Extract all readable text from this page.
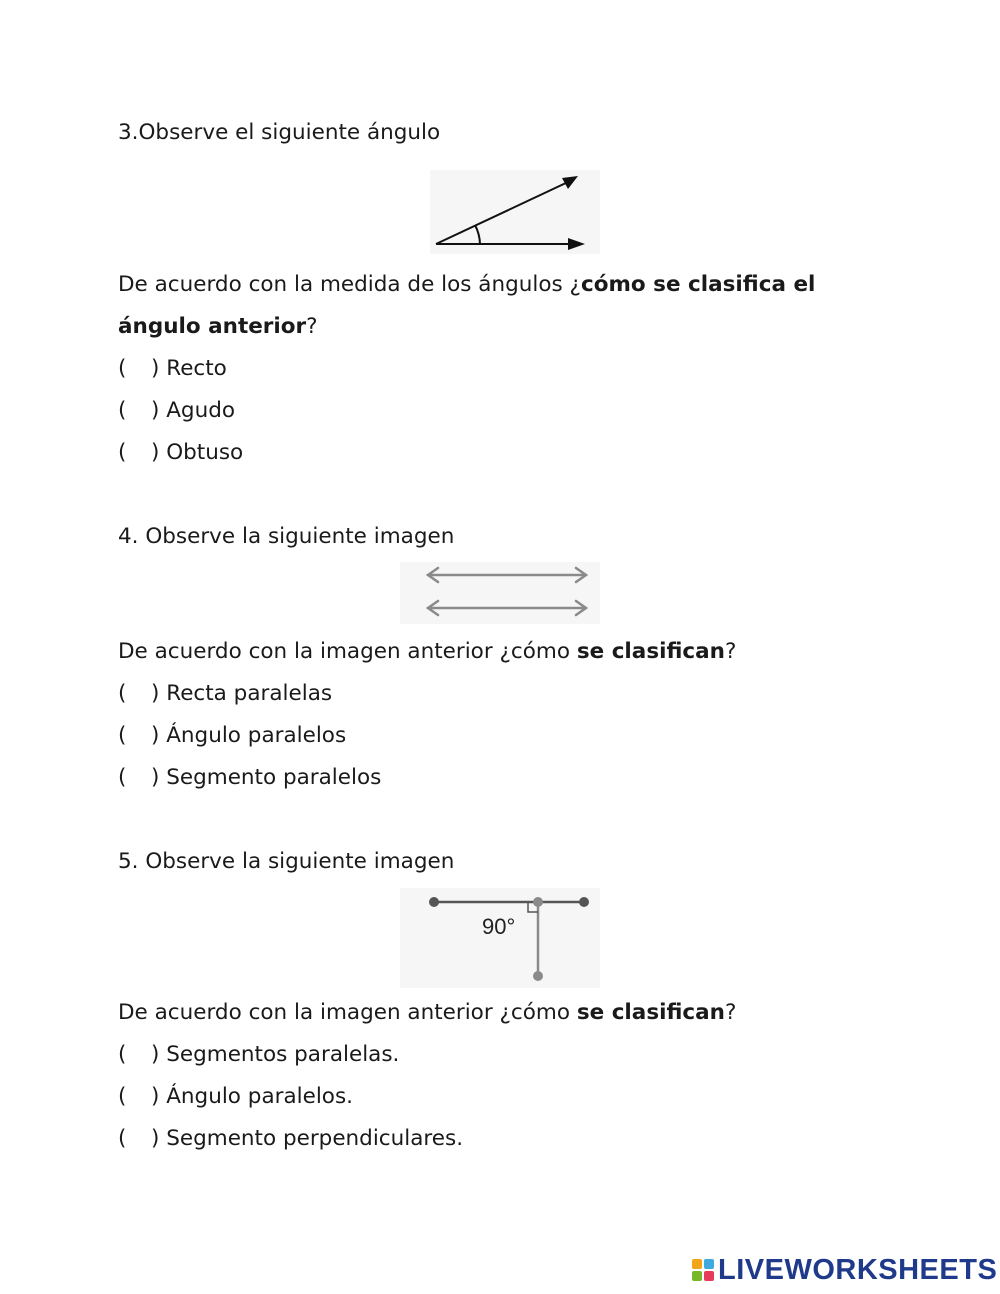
3.Observe el siguiente ángulo
De acuerdo con la medida de los ángulos ¿cómo se clasifica el
ángulo anterior?
( ) Recto
( ) Agudo
( ) Obtuso
4. Observe la siguiente imagen
De acuerdo con la imagen anterior ¿cómo se clasifican?
( ) Recta paralelas
( ) Ángulo paralelos
( ) Segmento paralelos
5. Observe la siguiente imagen
90°
De acuerdo con la imagen anterior ¿cómo se clasifican?
( ) Segmentos paralelas.
( ) Ángulo paralelos.
( ) Segmento perpendiculares.
LIVEWORKSHEETS
